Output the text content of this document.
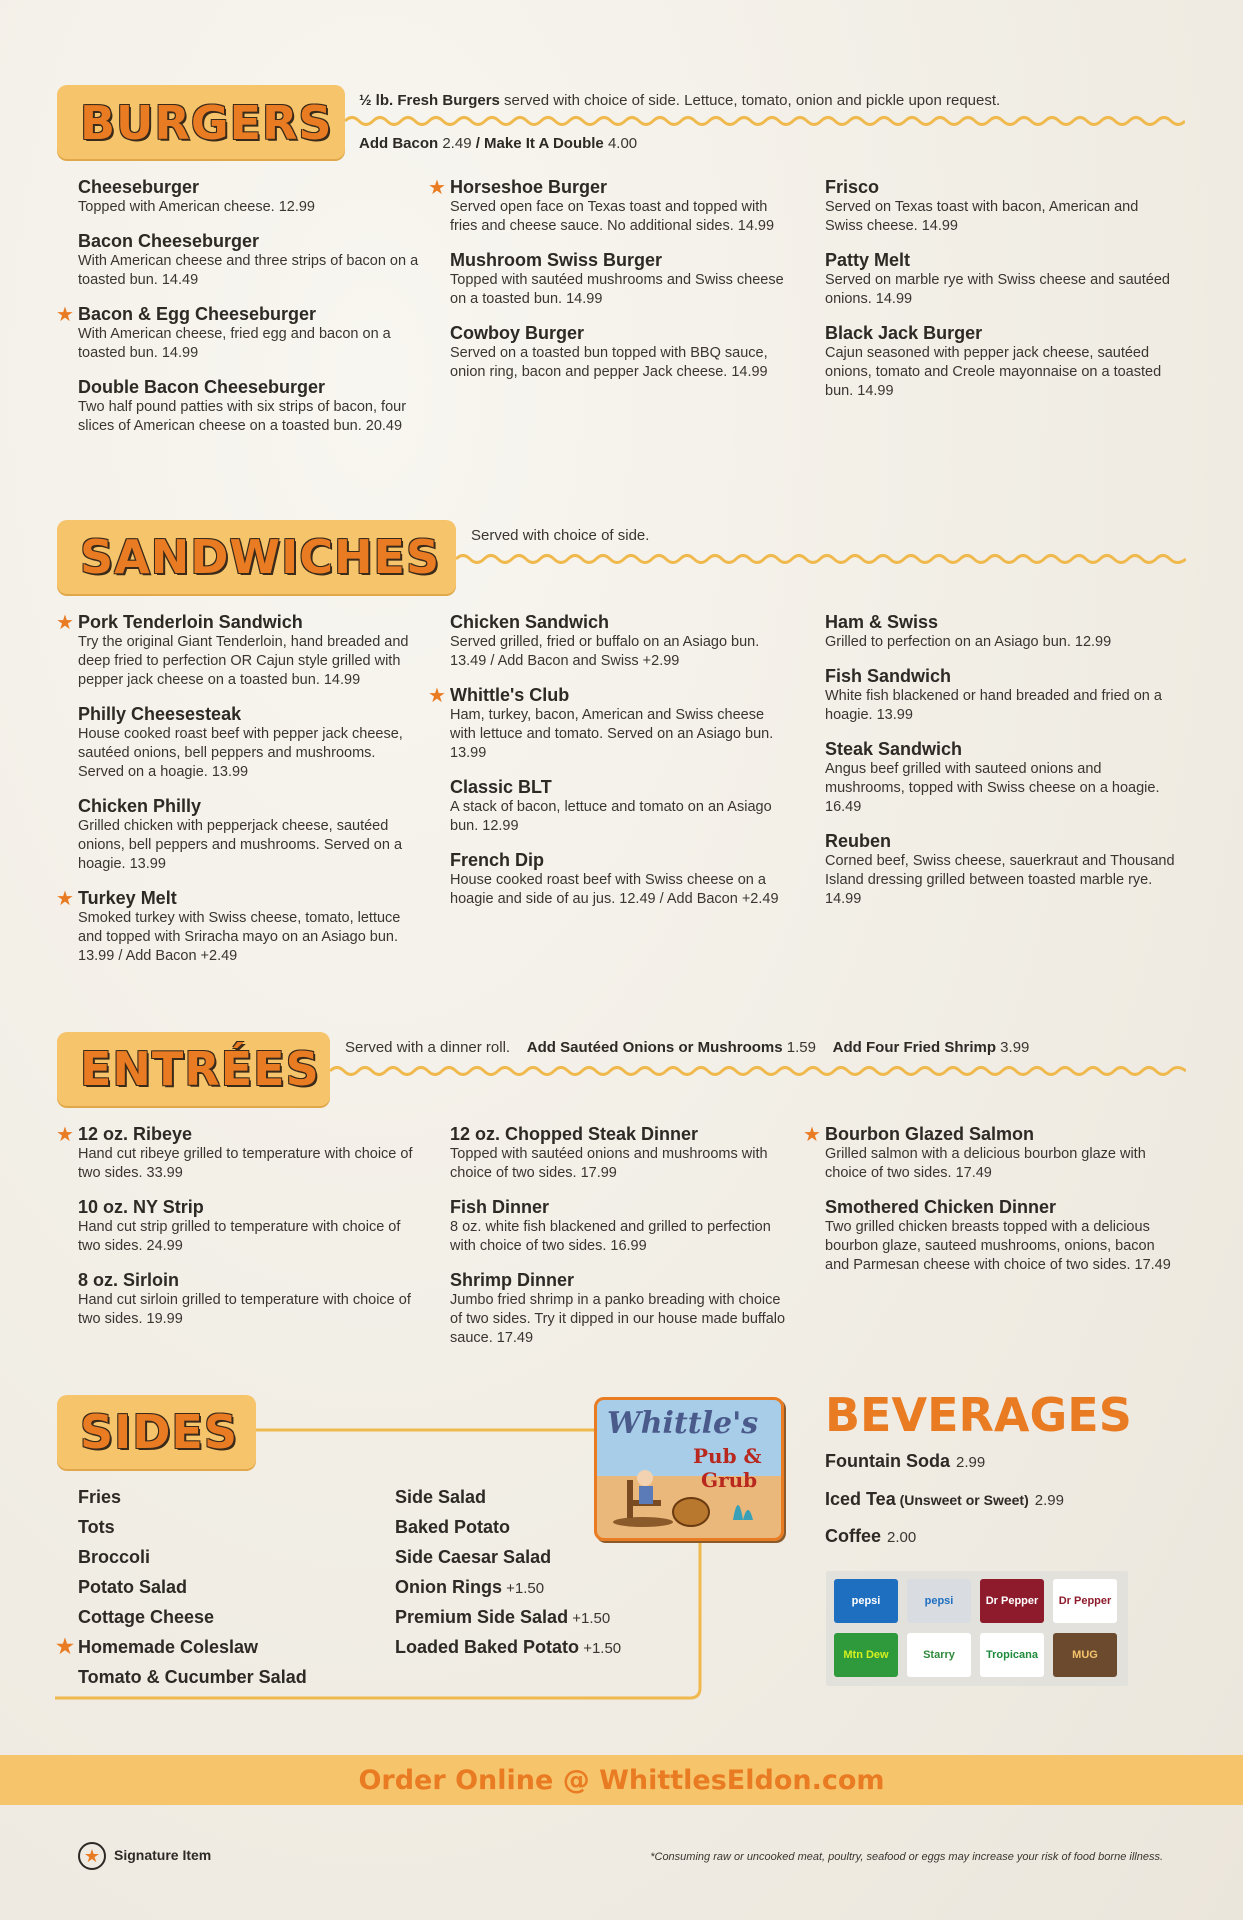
BURGERS ½ lb. Fresh Burgers served with choice of side. Lettuce, tomato, onion and pickle upon request.
Add Bacon 2.49 / Make It A Double 4.00
Cheeseburger
Topped with American cheese. 12.99
Bacon Cheeseburger
With American cheese and three strips of bacon on a toasted bun. 14.49
★ Bacon & Egg Cheeseburger
With American cheese, fried egg and bacon on a toasted bun. 14.99
Double Bacon Cheeseburger
Two half pound patties with six strips of bacon, four slices of American cheese on a toasted bun. 20.49
★ Horseshoe Burger
Served open face on Texas toast and topped with fries and cheese sauce. No additional sides. 14.99
Mushroom Swiss Burger
Topped with sautéed mushrooms and Swiss cheese on a toasted bun. 14.99
Cowboy Burger
Served on a toasted bun topped with BBQ sauce, onion ring, bacon and pepper Jack cheese. 14.99
Frisco
Served on Texas toast with bacon, American and Swiss cheese. 14.99
Patty Melt
Served on marble rye with Swiss cheese and sautéed onions. 14.99
Black Jack Burger
Cajun seasoned with pepper jack cheese, sautéed onions, tomato and Creole mayonnaise on a toasted bun. 14.99
SANDWICHES Served with choice of side.
★ Pork Tenderloin Sandwich
Try the original Giant Tenderloin, hand breaded and deep fried to perfection OR Cajun style grilled with pepper jack cheese on a toasted bun. 14.99
Philly Cheesesteak
House cooked roast beef with pepper jack cheese, sautéed onions, bell peppers and mushrooms. Served on a hoagie. 13.99
Chicken Philly
Grilled chicken with pepperjack cheese, sautéed onions, bell peppers and mushrooms. Served on a hoagie. 13.99
★ Turkey Melt
Smoked turkey with Swiss cheese, tomato, lettuce and topped with Sriracha mayo on an Asiago bun. 13.99 / Add Bacon +2.49
Chicken Sandwich
Served grilled, fried or buffalo on an Asiago bun. 13.49 / Add Bacon and Swiss +2.99
★ Whittle's Club
Ham, turkey, bacon, American and Swiss cheese with lettuce and tomato. Served on an Asiago bun. 13.99
Classic BLT
A stack of bacon, lettuce and tomato on an Asiago bun. 12.99
French Dip
House cooked roast beef with Swiss cheese on a hoagie and side of au jus. 12.49 / Add Bacon +2.49
Ham & Swiss
Grilled to perfection on an Asiago bun. 12.99
Fish Sandwich
White fish blackened or hand breaded and fried on a hoagie. 13.99
Steak Sandwich
Angus beef grilled with sauteed onions and mushrooms, topped with Swiss cheese on a hoagie. 16.49
Reuben
Corned beef, Swiss cheese, sauerkraut and Thousand Island dressing grilled between toasted marble rye. 14.99
ENTRÉES Served with a dinner roll. Add Sautéed Onions or Mushrooms 1.59 Add Four Fried Shrimp 3.99
★ 12 oz. Ribeye
Hand cut ribeye grilled to temperature with choice of two sides. 33.99
10 oz. NY Strip
Hand cut strip grilled to temperature with choice of two sides. 24.99
8 oz. Sirloin
Hand cut sirloin grilled to temperature with choice of two sides. 19.99
12 oz. Chopped Steak Dinner
Topped with sautéed onions and mushrooms with choice of two sides. 17.99
Fish Dinner
8 oz. white fish blackened and grilled to perfection with choice of two sides. 16.99
Shrimp Dinner
Jumbo fried shrimp in a panko breading with choice of two sides. Try it dipped in our house made buffalo sauce. 17.49
★ Bourbon Glazed Salmon
Grilled salmon with a delicious bourbon glaze with choice of two sides. 17.49
Smothered Chicken Dinner
Two grilled chicken breasts topped with a delicious bourbon glaze, sauteed mushrooms, onions, bacon and Parmesan cheese with choice of two sides. 17.49
SIDES
Fries
Tots
Broccoli
Potato Salad
Cottage Cheese
★ Homemade Coleslaw
Tomato & Cucumber Salad
Side Salad
Baked Potato
Side Caesar Salad
Onion Rings +1.50
Premium Side Salad +1.50
Loaded Baked Potato +1.50
Whittle's
Pub &
Grub
BEVERAGES
Fountain Soda 2.99
Iced Tea (Unsweet or Sweet) 2.99
Coffee 2.00
pepsi	pepsi	Dr Pepper	Dr Pepper
Mtn Dew	Starry	Tropicana	MUG
Order Online @ WhittlesEldon.com
★ Signature Item	*Consuming raw or uncooked meat, poultry, seafood or eggs may increase your risk of food borne illness.
